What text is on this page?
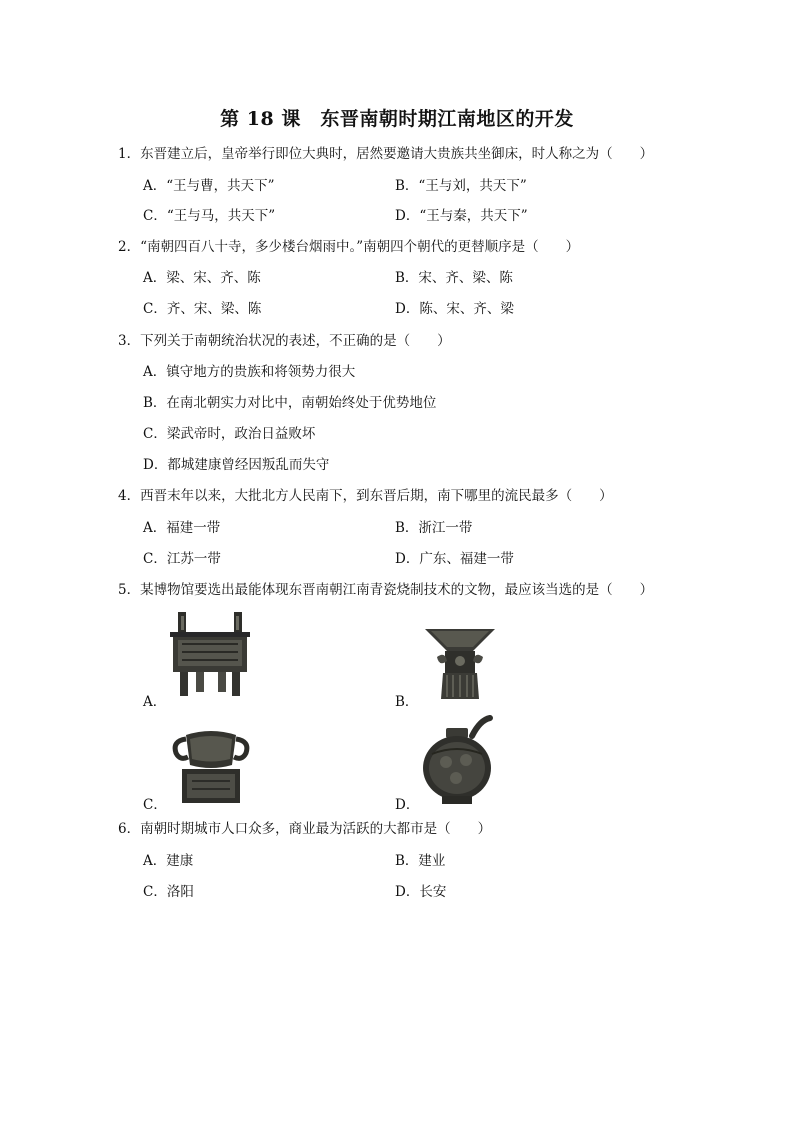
第 18 课　东晋南朝时期江南地区的开发
1．东晋建立后，皇帝举行即位大典时，居然要邀请大贵族共坐御床，时人称之为（　　）
A．“王与曹，共天下”	B．“王与刘，共天下”
C．“王与马，共天下”	D．“王与秦，共天下”
2．“南朝四百八十寺，多少楼台烟雨中。”南朝四个朝代的更替顺序是（　　）
A．梁、宋、齐、陈	B．宋、齐、梁、陈
C．齐、宋、梁、陈	D．陈、宋、齐、梁
3．下列关于南朝统治状况的表述，不正确的是（　　）
A．镇守地方的贵族和将领势力很大
B．在南北朝实力对比中，南朝始终处于优势地位
C．梁武帝时，政治日益败坏
D．都城建康曾经因叛乱而失守
4．西晋末年以来，大批北方人民南下，到东晋后期，南下哪里的流民最多（　　）
A．福建一带	B．浙江一带
C．江苏一带	D．广东、福建一带
5．某博物馆要选出最能体现东晋南朝江南青瓷烧制技术的文物，最应该当选的是（　　）
A．	B．
C．	D．
6．南朝时期城市人口众多，商业最为活跃的大都市是（　　）
A．建康	B．建业
C．洛阳	D．长安
